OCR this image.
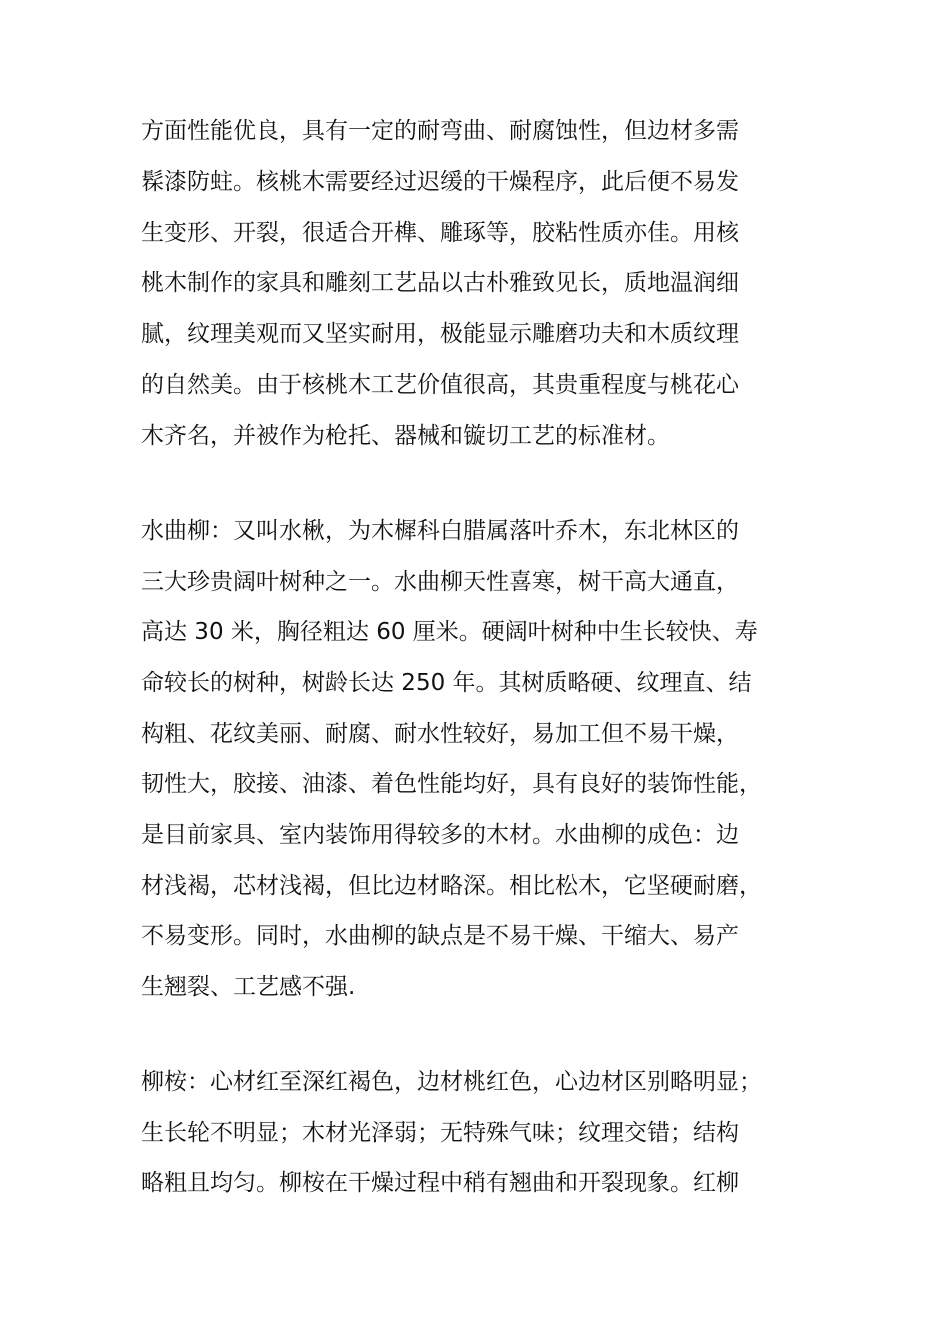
方面性能优良，具有一定的耐弯曲、耐腐蚀性，但边材多需
髹漆防蛀。核桃木需要经过迟缓的干燥程序，此后便不易发
生变形、开裂，很适合开榫、雕琢等，胶粘性质亦佳。用核
桃木制作的家具和雕刻工艺品以古朴雅致见长，质地温润细
腻，纹理美观而又坚实耐用，极能显示雕磨功夫和木质纹理
的自然美。由于核桃木工艺价值很高，其贵重程度与桃花心
木齐名，并被作为枪托、器械和镟切工艺的标准材。
水曲柳：又叫水楸，为木樨科白腊属落叶乔木，东北林区的
三大珍贵阔叶树种之一。水曲柳天性喜寒，树干高大通直，
高达 30 米，胸径粗达 60 厘米。硬阔叶树种中生长较快、寿
命较长的树种，树龄长达 250 年。其树质略硬、纹理直、结
构粗、花纹美丽、耐腐、耐水性较好，易加工但不易干燥，
韧性大，胶接、油漆、着色性能均好，具有良好的装饰性能，
是目前家具、室内装饰用得较多的木材。水曲柳的成色：边
材浅褐，芯材浅褐，但比边材略深。相比松木，它坚硬耐磨，
不易变形。同时，水曲柳的缺点是不易干燥、干缩大、易产
生翘裂、工艺感不强.
柳桉：心材红至深红褐色，边材桃红色，心边材区别略明显；
生长轮不明显；木材光泽弱；无特殊气味；纹理交错；结构
略粗且均匀。柳桉在干燥过程中稍有翘曲和开裂现象。红柳
